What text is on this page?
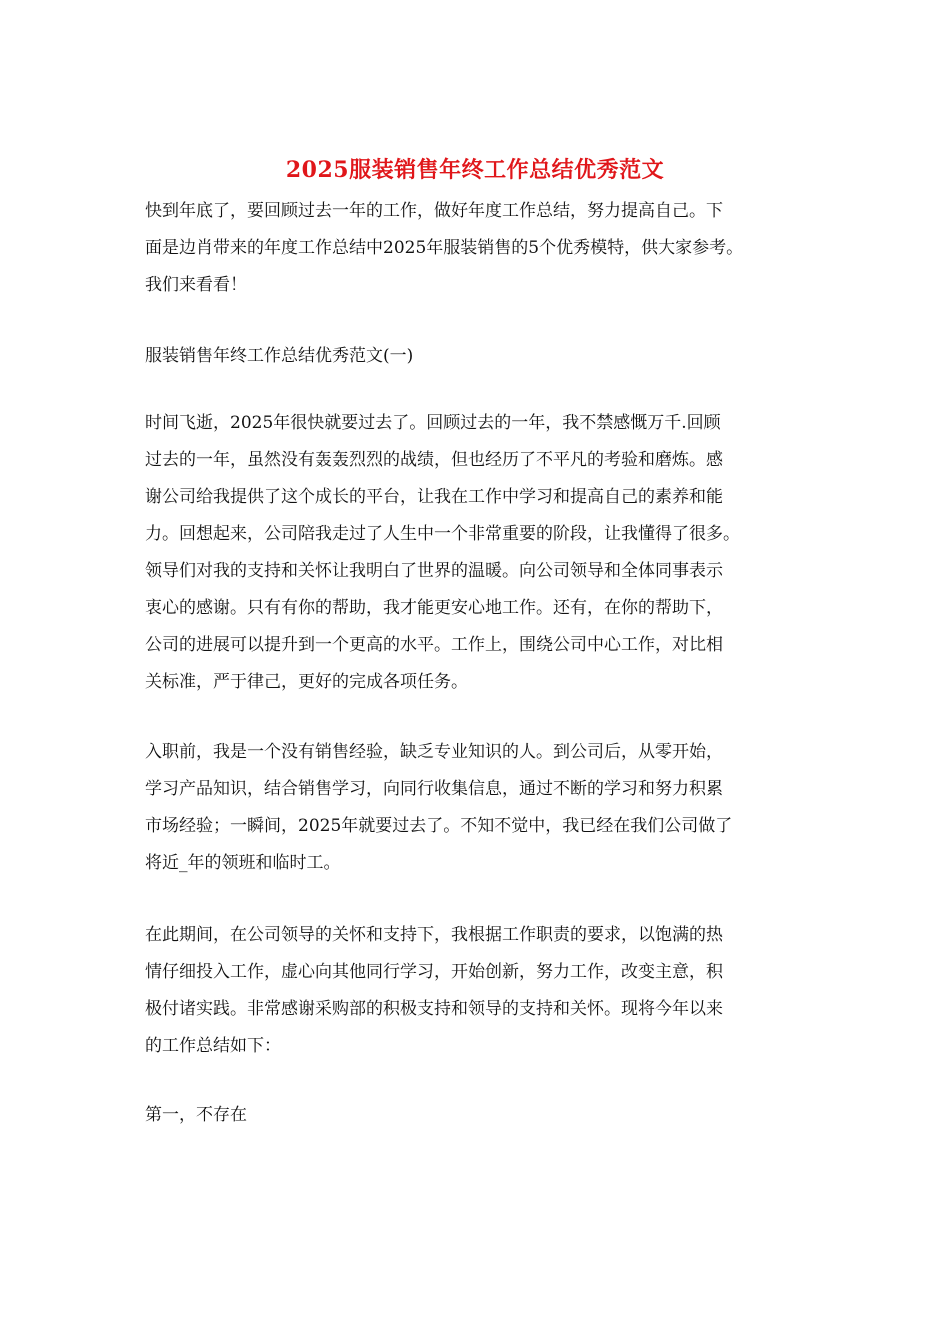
2025服装销售年终工作总结优秀范文

快到年底了，要回顾过去一年的工作，做好年度工作总结，努力提高自己。下
面是边肖带来的年度工作总结中2025年服装销售的5个优秀模特，供大家参考。
我们来看看！

服装销售年终工作总结优秀范文(一)

时间飞逝，2025年很快就要过去了。回顾过去的一年，我不禁感慨万千.回顾
过去的一年，虽然没有轰轰烈烈的战绩，但也经历了不平凡的考验和磨炼。感
谢公司给我提供了这个成长的平台，让我在工作中学习和提高自己的素养和能
力。回想起来，公司陪我走过了人生中一个非常重要的阶段，让我懂得了很多。
领导们对我的支持和关怀让我明白了世界的温暖。向公司领导和全体同事表示
衷心的感谢。只有有你的帮助，我才能更安心地工作。还有，在你的帮助下，
公司的进展可以提升到一个更高的水平。工作上，围绕公司中心工作，对比相
关标准，严于律己，更好的完成各项任务。

入职前，我是一个没有销售经验，缺乏专业知识的人。到公司后，从零开始，
学习产品知识，结合销售学习，向同行收集信息，通过不断的学习和努力积累
市场经验；一瞬间，2025年就要过去了。不知不觉中，我已经在我们公司做了
将近_年的领班和临时工。

在此期间，在公司领导的关怀和支持下，我根据工作职责的要求，以饱满的热
情仔细投入工作，虚心向其他同行学习，开始创新，努力工作，改变主意，积
极付诸实践。非常感谢采购部的积极支持和领导的支持和关怀。现将今年以来
的工作总结如下：

第一，不存在
